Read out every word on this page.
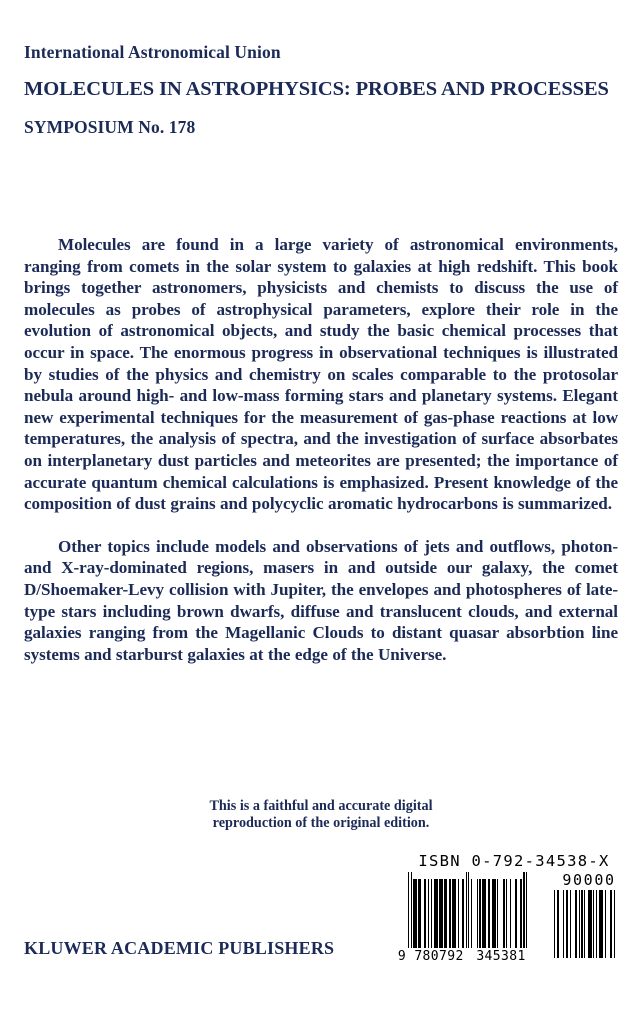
International Astronomical Union
MOLECULES IN ASTROPHYSICS: PROBES AND PROCESSES
SYMPOSIUM No. 178

Molecules are found in a large variety of astronomical environments, ranging from comets in the solar system to galaxies at high redshift. This book brings together astronomers, physicists and chemists to discuss the use of molecules as probes of astrophysical parameters, explore their role in the evolution of astronomical objects, and study the basic chemical processes that occur in space. The enormous progress in observational techniques is illustrated by studies of the physics and chemistry on scales comparable to the protosolar nebula around high- and low-mass forming stars and planetary systems. Elegant new experimental techniques for the measurement of gas-phase reactions at low temperatures, the analysis of spectra, and the investigation of surface absorbates on interplanetary dust particles and meteorites are presented; the importance of accurate quantum chemical calculations is emphasized. Present knowledge of the composition of dust grains and polycyclic aromatic hydrocarbons is summarized.

Other topics include models and observations of jets and outflows, photon- and X-ray-dominated regions, masers in and outside our galaxy, the comet D/Shoemaker-Levy collision with Jupiter, the envelopes and photospheres of late-type stars including brown dwarfs, diffuse and translucent clouds, and external galaxies ranging from the Magellanic Clouds to distant quasar absorbtion line systems and starburst galaxies at the edge of the Universe.

This is a faithful and accurate digital
reproduction of the original edition.
ISBN 0-792-34538-X
9 780792 345381
90000
KLUWER ACADEMIC PUBLISHERS
